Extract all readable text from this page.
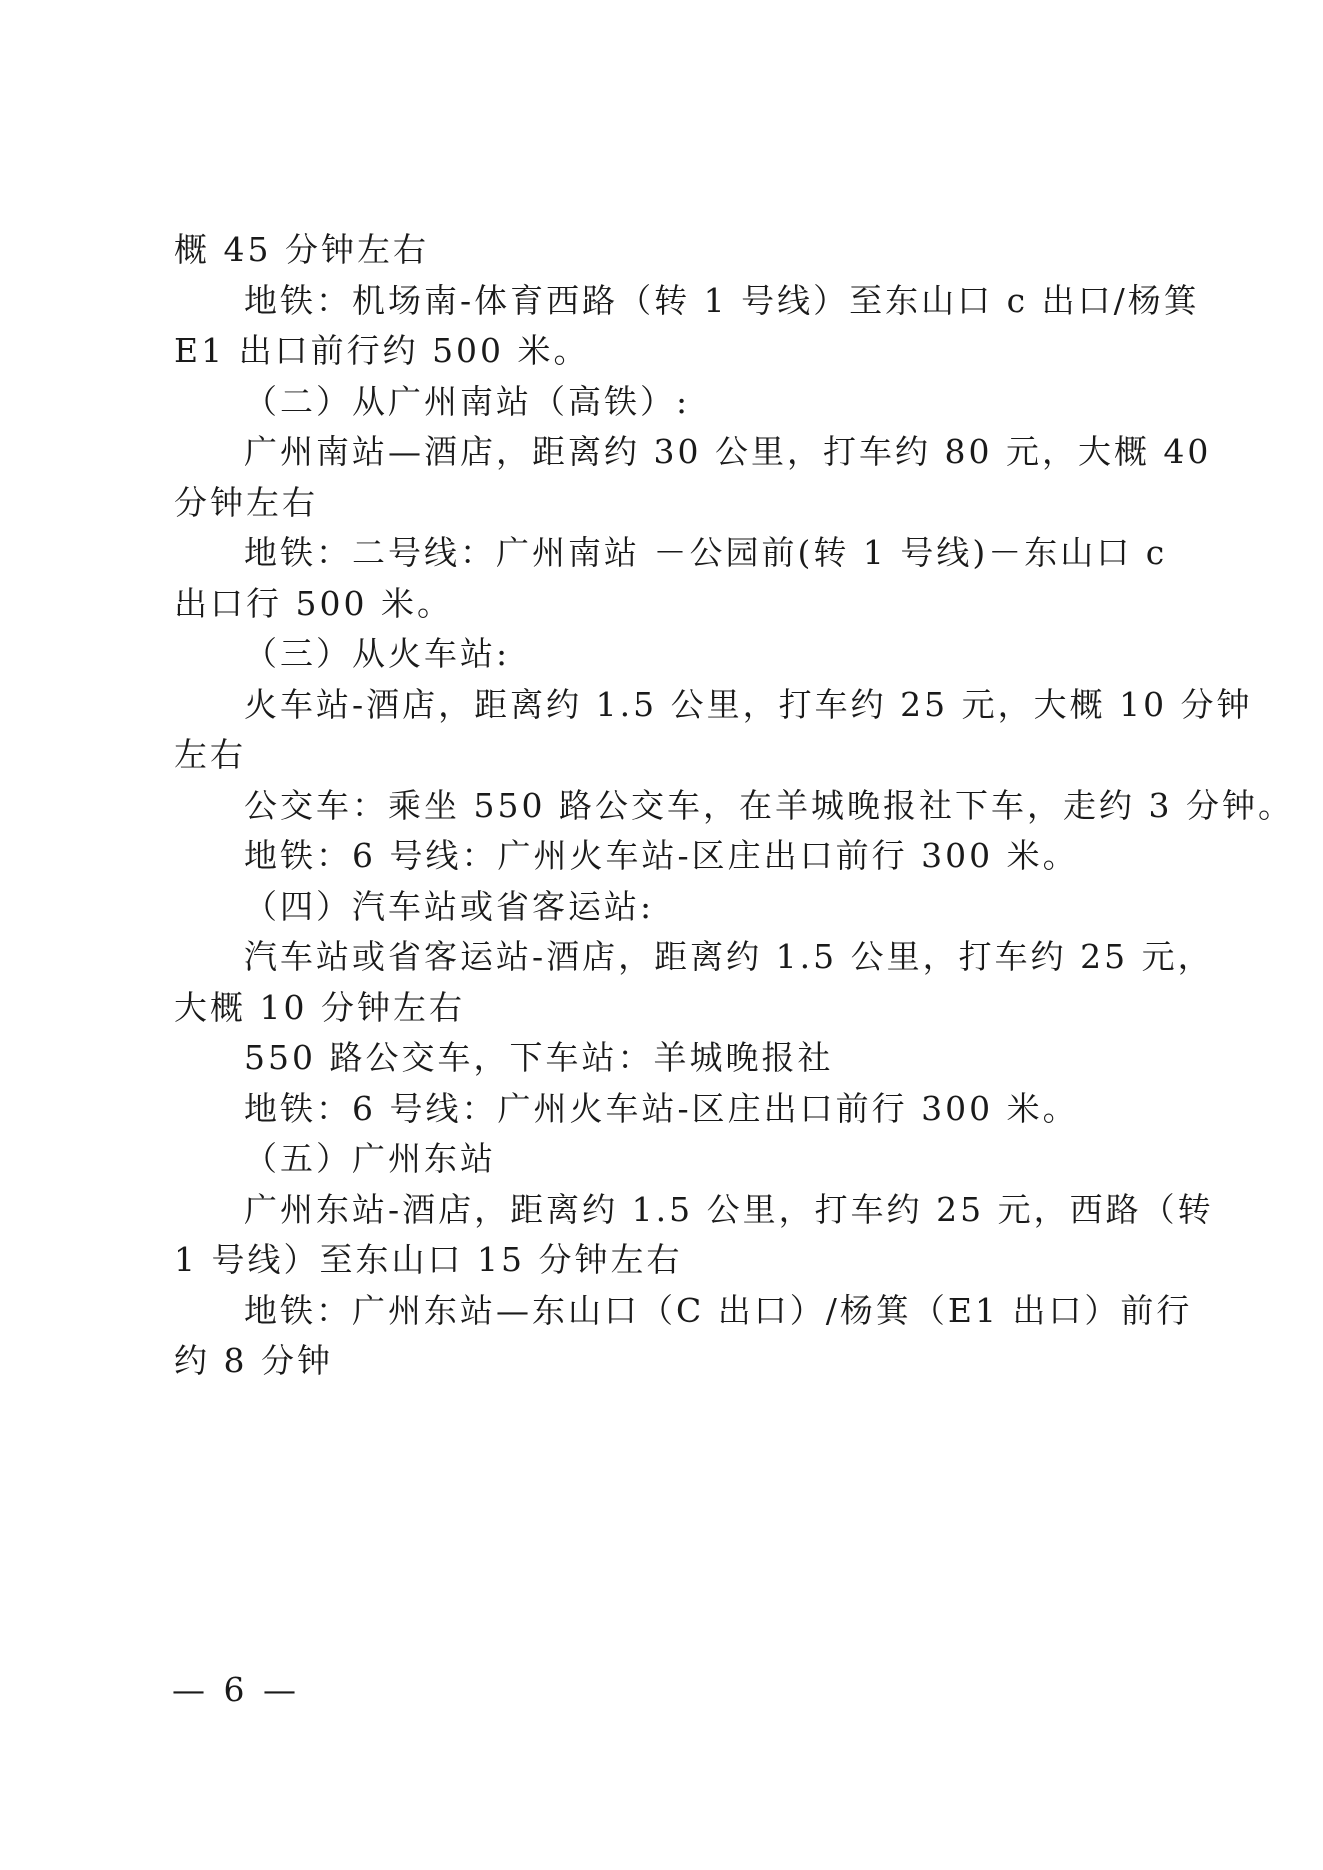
概 45 分钟左右
地铁：机场南-体育西路（转 1 号线）至东山口 c 出口/杨箕
E1 出口前行约 500 米。
（二）从广州南站（高铁）:
广州南站—酒店，距离约 30 公里，打车约 80 元，大概 40
分钟左右
地铁：二号线：广州南站 －公园前(转 1 号线)－东山口 c
出口行 500 米。
（三）从火车站:
火车站-酒店，距离约 1.5 公里，打车约 25 元，大概 10 分钟
左右
公交车：乘坐 550 路公交车，在羊城晚报社下车，走约 3 分钟。
地铁：6 号线：广州火车站-区庄出口前行 300 米。
（四）汽车站或省客运站:
汽车站或省客运站-酒店，距离约 1.5 公里，打车约 25 元，
大概 10 分钟左右
550 路公交车，下车站：羊城晚报社
地铁：6 号线：广州火车站-区庄出口前行 300 米。
（五）广州东站
广州东站-酒店，距离约 1.5 公里，打车约 25 元，西路（转
1 号线）至东山口 15 分钟左右
地铁：广州东站—东山口（C 出口）/杨箕（E1 出口）前行
约 8 分钟
— 6 —
